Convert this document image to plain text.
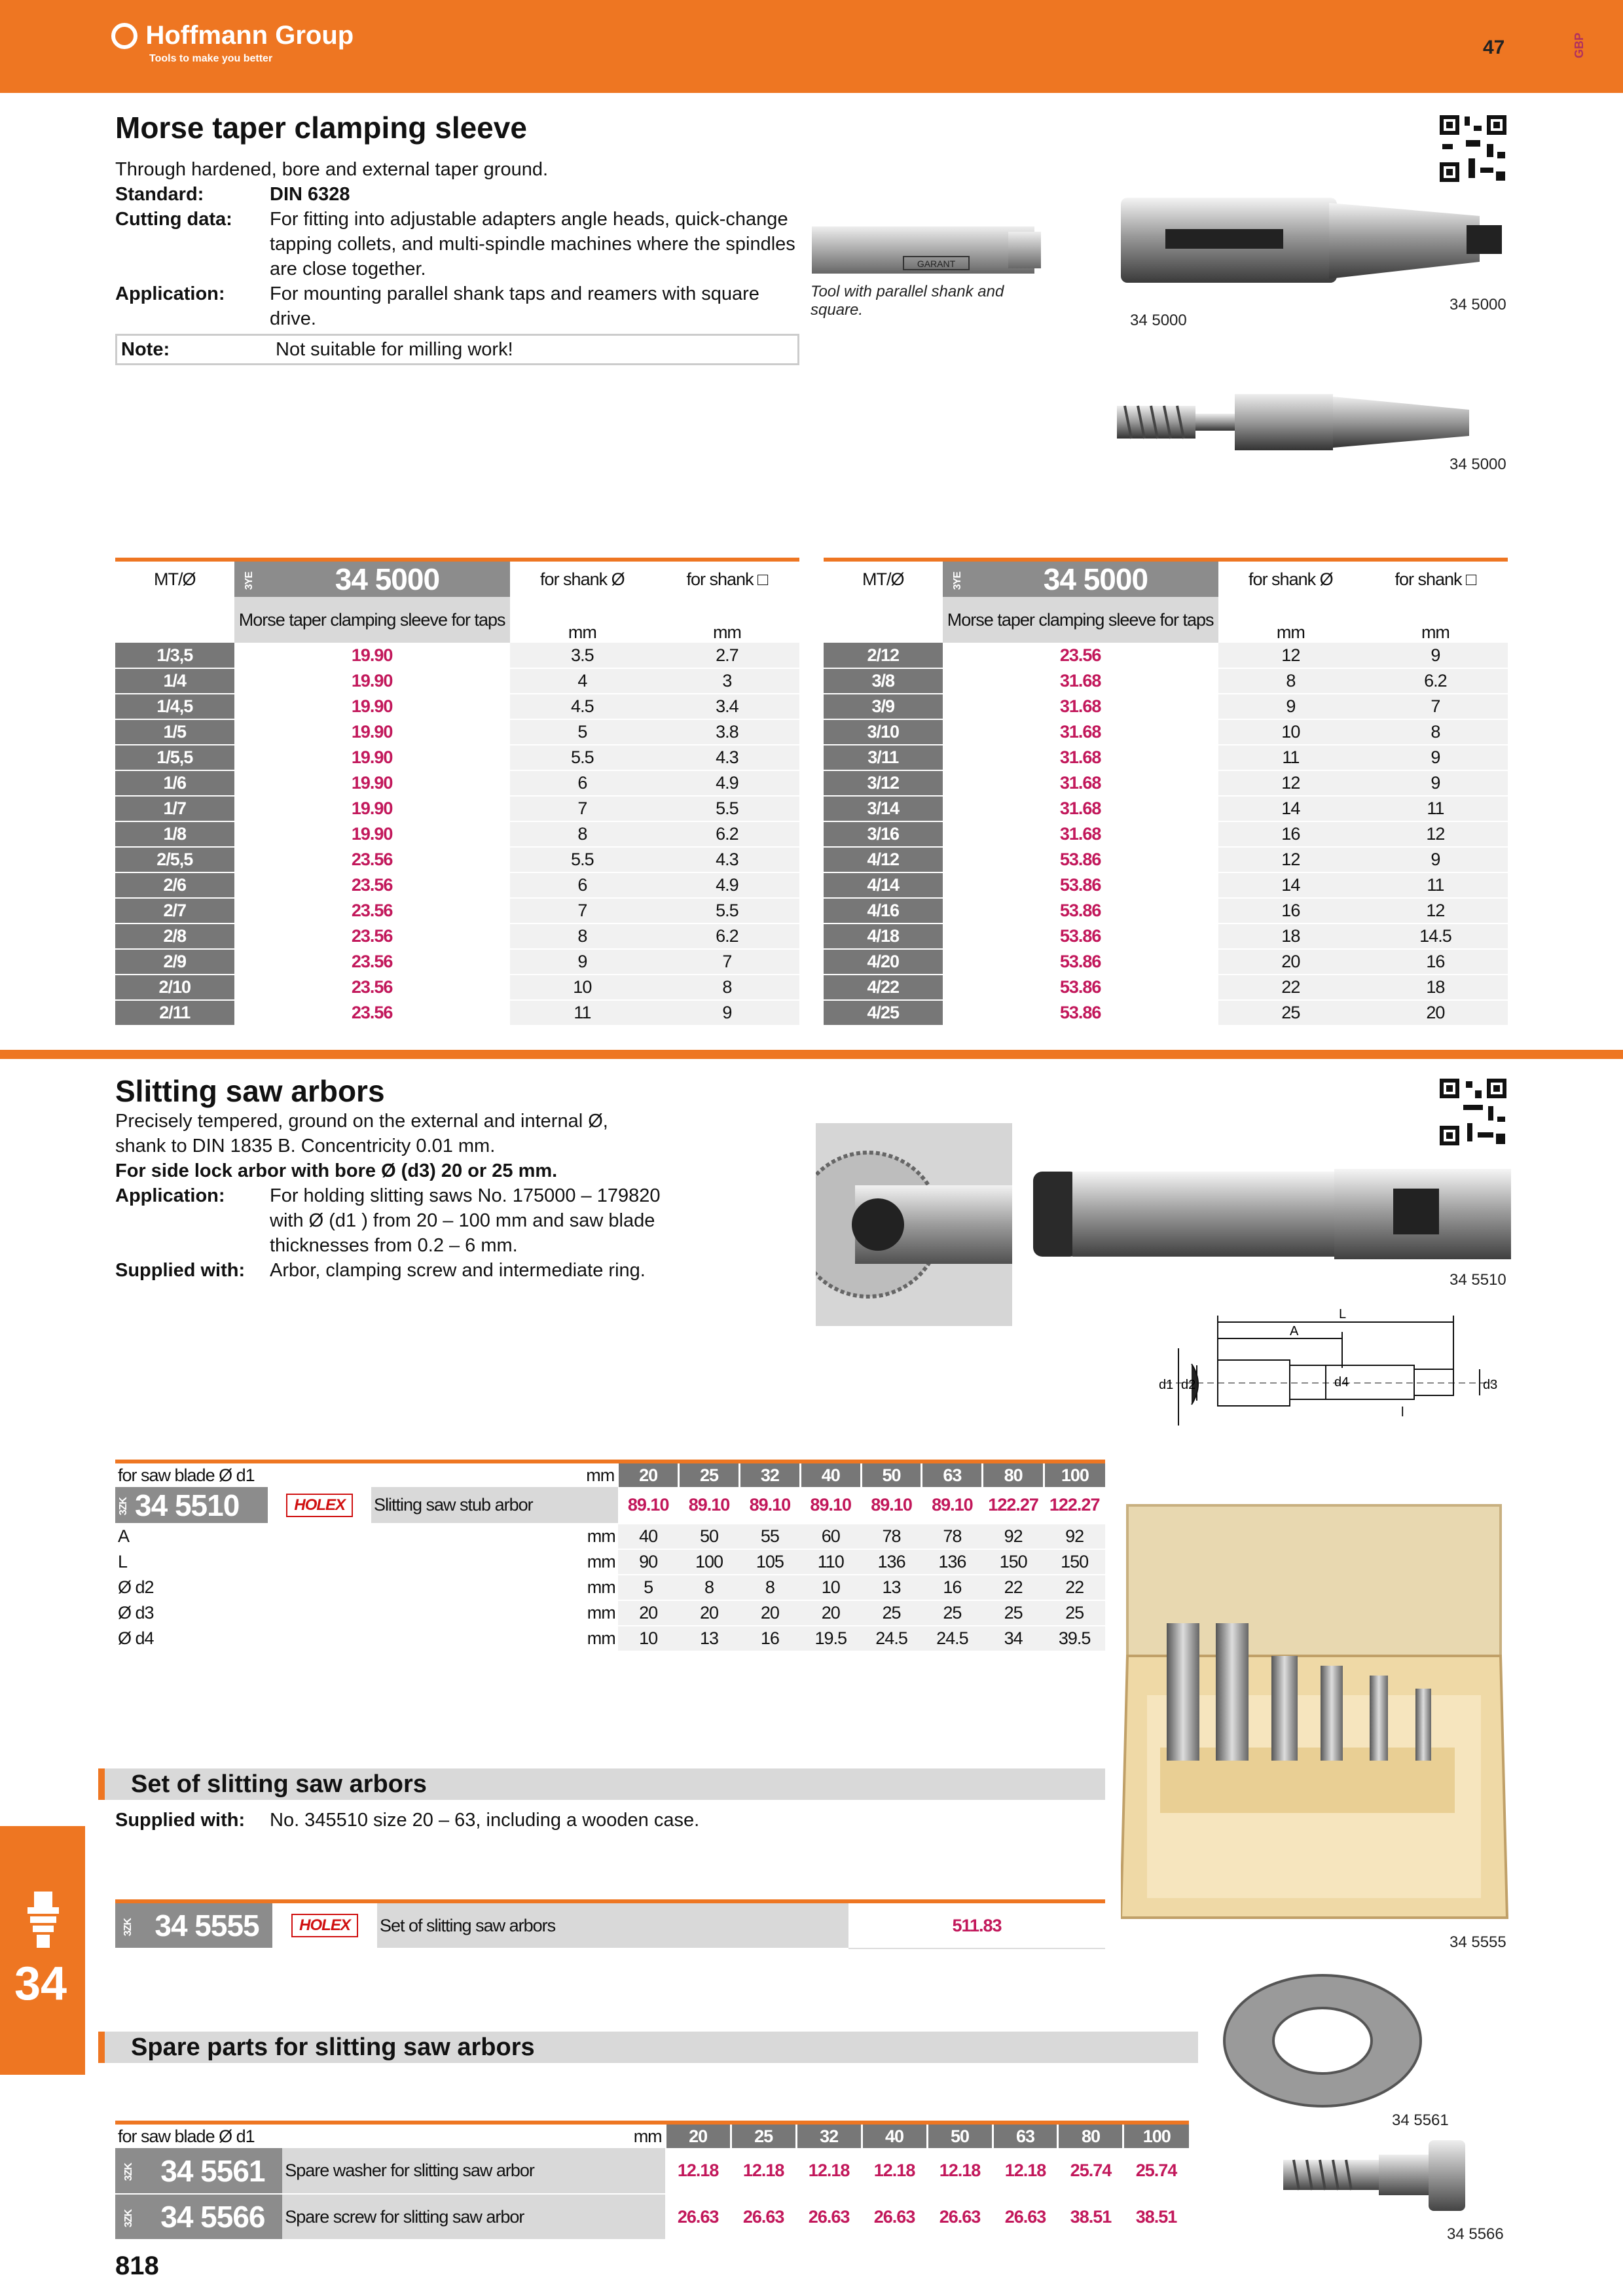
Hoffmann Group
Tools to make you better
47	GBP
Morse taper clamping sleeve
Through hardened, bore and external taper ground.
Standard:	DIN 6328
Cutting data:	For fitting into adjustable adapters angle heads, quick-change tapping collets, and multi-spindle machines where the spindles are close together.
Application:	For mounting parallel shank taps and reamers with square drive.
Note:	Not suitable for milling work!
GARANT
Tool with parallel shank and square.
34 5000
34 5000
34 5000
MT/Ø	3YE	34 5000	for shank Ø	for shank □
	Morse taper clamping sleeve for taps		mm	mm
1/3,5	19.90		3.5	2.7
1/4	19.90		4	3
1/4,5	19.90		4.5	3.4
1/5	19.90		5	3.8
1/5,5	19.90		5.5	4.3
1/6	19.90		6	4.9
1/7	19.90		7	5.5
1/8	19.90		8	6.2
2/5,5	23.56		5.5	4.3
2/6	23.56		6	4.9
2/7	23.56		7	5.5
2/8	23.56		8	6.2
2/9	23.56		9	7
2/10	23.56		10	8
2/11	23.56		11	9
MT/Ø	3YE	34 5000	for shank Ø	for shank □
	Morse taper clamping sleeve for taps		mm	mm
2/12	23.56		12	9
3/8	31.68		8	6.2
3/9	31.68		9	7
3/10	31.68		10	8
3/11	31.68		11	9
3/12	31.68		12	9
3/14	31.68		14	11
3/16	31.68		16	12
4/12	53.86		12	9
4/14	53.86		14	11
4/16	53.86		16	12
4/18	53.86		18	14.5
4/20	53.86		20	16
4/22	53.86		22	18
4/25	53.86		25	20
Slitting saw arbors
Precisely tempered, ground on the external and internal Ø, shank to DIN 1835 B. Concentricity 0.01 mm.
For side lock arbor with bore Ø (d3) 20 or 25 mm.
Application:	For holding slitting saws No. 175000 – 179820 with Ø (d1 ) from 20 – 100 mm and saw blade thicknesses from 0.2 – 6 mm.
Supplied with:	Arbor, clamping screw and intermediate ring.	34 5510
L
A
d1 d2	d3
d4
l
for saw blade Ø d1			mm	20	25	32	40	50	63	80	100
3ZK 34 5510	HOLEX	Slitting saw stub arbor		89.10	89.10	89.10	89.10	89.10	89.10	122.27	122.27
A			mm	40	50	55	60	78	78	92	92
L			mm	90	100	105	110	136	136	150	150
Ø d2			mm	5	8	8	10	13	16	22	22
Ø d3			mm	20	20	20	20	25	25	25	25
Ø d4			mm	10	13	16	19.5	24.5	24.5	34	39.5
34 5555
Set of slitting saw arbors
Supplied with:	No. 345510 size 20 – 63, including a wooden case.
3ZK	34 5555	HOLEX	Set of slitting saw arbors	511.83
Spare parts for slitting saw arbors
34 5561
34 5566
for saw blade Ø d1			mm	20	25	32	40	50	63	80	100
3ZK	34 5561	Spare washer for slitting saw arbor		12.18	12.18	12.18	12.18	12.18	12.18	25.74	25.74
3ZK	34 5566	Spare screw for slitting saw arbor		26.63	26.63	26.63	26.63	26.63	26.63	38.51	38.51
34
818
